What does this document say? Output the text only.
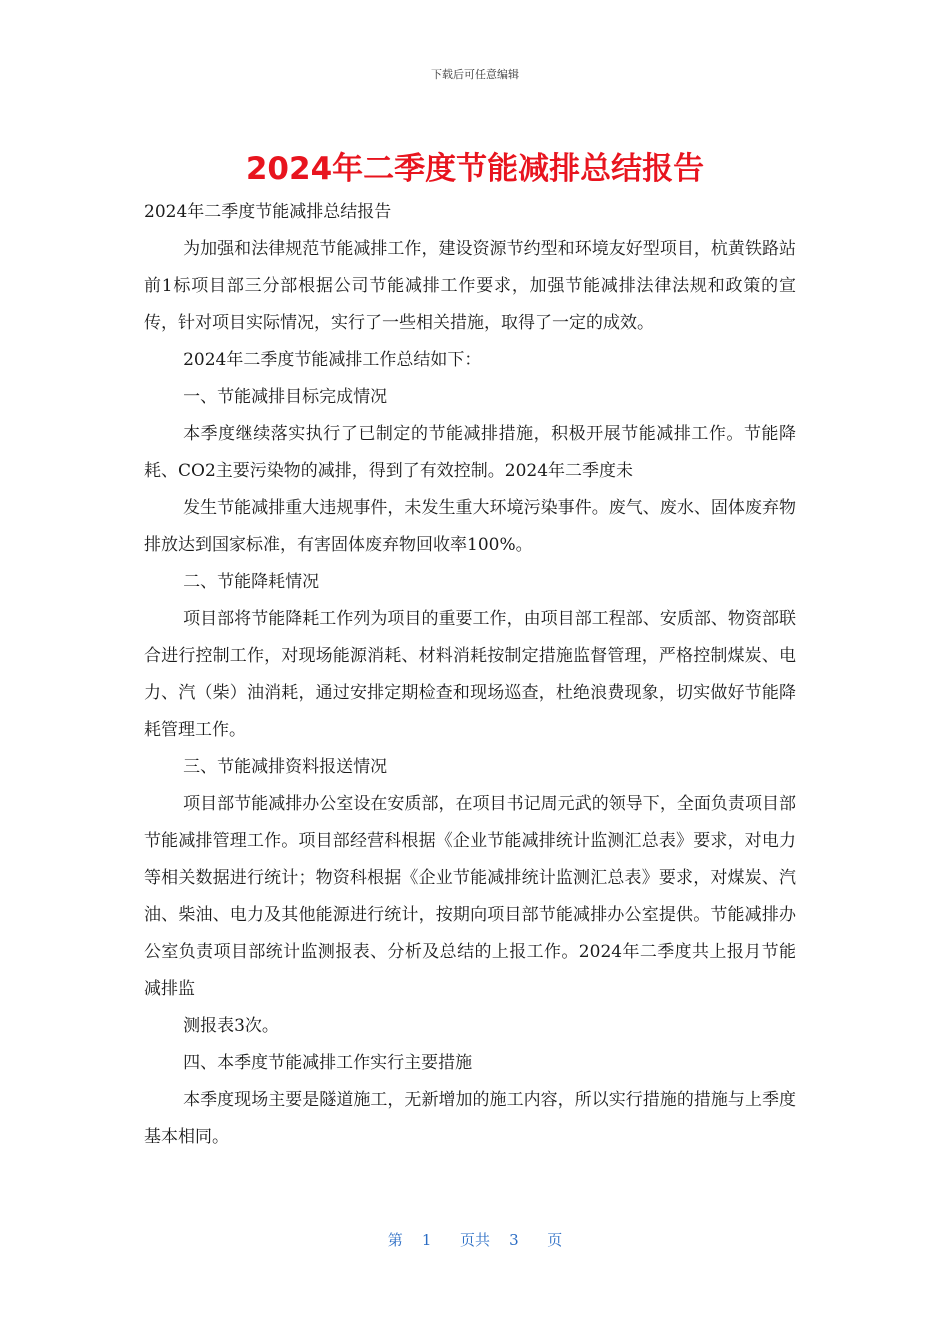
下载后可任意编辑
2024年二季度节能减排总结报告

2024年二季度节能减排总结报告

为加强和法律规范节能减排工作，建设资源节约型和环境友好型项目，杭黄铁路站前1标项目部三分部根据公司节能减排工作要求，加强节能减排法律法规和政策的宣传，针对项目实际情况，实行了一些相关措施，取得了一定的成效。

2024年二季度节能减排工作总结如下：

一、节能减排目标完成情况

本季度继续落实执行了已制定的节能减排措施，积极开展节能减排工作。节能降耗、CO2主要污染物的减排，得到了有效控制。2024年二季度未

发生节能减排重大违规事件，未发生重大环境污染事件。废气、废水、固体废弃物排放达到国家标准，有害固体废弃物回收率100%。

二、节能降耗情况

项目部将节能降耗工作列为项目的重要工作，由项目部工程部、安质部、物资部联合进行控制工作，对现场能源消耗、材料消耗按制定措施监督管理，严格控制煤炭、电力、汽（柴）油消耗，通过安排定期检查和现场巡查，杜绝浪费现象，切实做好节能降耗管理工作。

三、节能减排资料报送情况

项目部节能减排办公室设在安质部，在项目书记周元武的领导下，全面负责项目部节能减排管理工作。项目部经营科根据《企业节能减排统计监测汇总表》要求，对电力等相关数据进行统计；物资科根据《企业节能减排统计监测汇总表》要求，对煤炭、汽油、柴油、电力及其他能源进行统计，按期向项目部节能减排办公室提供。节能减排办公室负责项目部统计监测报表、分析及总结的上报工作。2024年二季度共上报月节能减排监

测报表3次。

四、本季度节能减排工作实行主要措施

本季度现场主要是隧道施工，无新增加的施工内容，所以实行措施的措施与上季度基本相同。

第 1 页共 3 页
